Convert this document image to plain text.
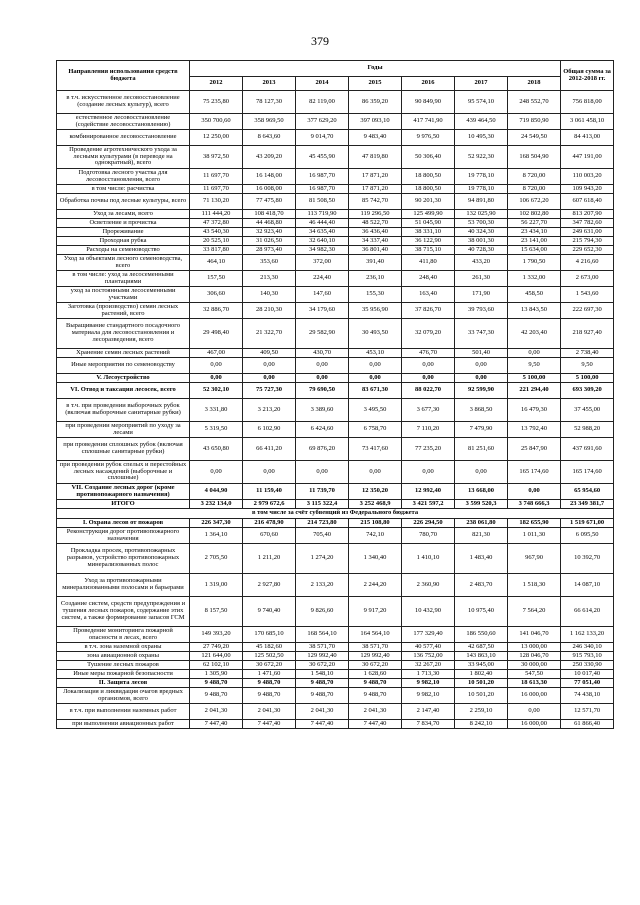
379
Направления использования средств бюджета	Годы							Общая сумма за 2012-2018 гг.
	2012	2013	2014	2015	2016	2017	2018	
в т.ч. искусственное лесовосстановление (создание лесных культур), всего	75 235,80	78 127,30	82 119,00	86 359,20	90 849,90	95 574,10	248 552,70	756 818,00
естественное лесовосстановление (содействие лесовосстановлению)	350 700,60	358 969,50	377 629,20	397 093,10	417 741,90	439 464,50	719 850,90	3 061 458,10
комбинированное лесовосстановление	12 250,00	8 643,60	9 014,70	9 483,40	9 976,50	10 495,30	24 549,50	84 413,00
Проведение агротехнического ухода за лесными культурами (в переводе на однократный), всего	38 972,50	43 209,20	45 455,90	47 819,80	50 306,40	52 922,30	168 504,90	447 191,00
Подготовка лесного участка для лесовосстановления, всего	11 697,70	16 148,00	16 987,70	17 871,20	18 800,50	19 778,10	8 720,00	110 003,20
в том числе: расчистка	11 697,70	16 008,00	16 987,70	17 871,20	18 800,50	19 778,10	8 720,00	109 943,20
Обработка почвы под лесные культуры, всего	71 130,20	77 475,80	81 508,50	85 742,70	90 201,30	94 891,80	106 672,20	607 618,40
Уход за лесами, всего	111 444,20	108 418,70	113 719,90	119 296,50	125 499,90	132 025,90	102 802,80	813 207,90
Осветление и прочистка	47 372,80	44 468,80	46 444,40	48 522,70	51 045,90	53 700,30	56 227,70	347 782,60
Прореживание	43 540,30	32 923,40	34 635,40	36 436,40	38 331,10	40 324,30	23 434,10	249 631,00
Проходная рубка	20 525,10	31 026,50	32 640,10	34 337,40	36 122,90	38 001,30	23 141,00	215 794,30
Расходы на семеноводство	33 817,80	28 973,40	34 982,30	36 801,40	38 715,10	40 728,30	15 634,00	229 652,30
Уход за объектами лесного семеноводства, всего	464,10	353,60	372,00	391,40	411,80	433,20	1 790,50	4 216,60
в том числе: уход за лесосеменными плантациями	157,50	213,30	224,40	236,10	248,40	261,30	1 332,00	2 673,00
уход за постоянными лесосеменными участками	306,60	140,30	147,60	155,30	163,40	171,90	458,50	1 543,60
Заготовка (производство) семян лесных растений, всего	32 886,70	28 210,30	34 179,60	35 956,90	37 826,70	39 793,60	13 843,50	222 697,30
Выращивание стандартного посадочного материала для лесовосстановления и лесоразведения, всего	29 498,40	21 322,70	29 582,90	30 493,50	32 079,20	33 747,30	42 203,40	218 927,40
Хранение семян лесных растений	467,00	409,50	430,70	453,10	476,70	501,40	0,00	2 738,40
Иные мероприятия по семеноводству	0,00	0,00	0,00	0,00	0,00	0,00	9,50	9,50
V. Лесоустройство	0,00	0,00	0,00	0,00	0,00	0,00	5 100,00	5 100,00
VI. Отвод и таксация лесосек, всего	52 302,10	75 727,30	79 690,50	83 671,30	88 022,70	92 599,90	221 294,40	693 309,20
в т.ч. при проведении выборочных рубок (включая выборочные санитарные рубки)	3 331,80	3 213,20	3 389,60	3 495,50	3 677,30	3 868,50	16 479,30	37 455,00
при проведении мероприятий по уходу за лесами	5 319,50	6 102,90	6 424,60	6 758,70	7 110,20	7 479,90	13 792,40	52 988,20
при проведении сплошных рубок (включая сплошные санитарные рубки)	43 650,80	66 411,20	69 876,20	73 417,60	77 235,20	81 251,60	25 847,90	437 691,60
при проведении рубок спелых и перестойных лесных насаждений (выборочные и сплошные)	0,00	0,00	0,00	0,00	0,00	0,00	165 174,60	165 174,60
VII. Создание лесных дорог (кроме противопожарного назначения)	4 044,90	11 159,40	11 739,70	12 350,20	12 992,40	13 668,00	0,00	65 954,60
ИТОГО	3 232 134,0	2 979 672,6	3 115 322,4	3 252 468,9	3 421 597,2	3 599 520,3	3 748 666,3	23 349 381,7
в том числе за счёт субвенций из Федерального бюджета								
I. Охрана лесов от пожаров	226 347,30	216 478,90	214 723,80	215 108,80	226 294,50	238 061,80	182 655,90	1 519 671,00
Реконструкция дорог противопожарного назначения	1 364,10	670,60	705,40	742,10	780,70	821,30	1 011,30	6 095,50
Прокладка просек, противопожарных разрывов, устройство противопожарных минерализованных полос	2 705,50	1 211,20	1 274,20	1 340,40	1 410,10	1 483,40	967,90	10 392,70
Уход за противопожарными минерализованными полосами и барьерами	1 319,00	2 927,80	2 133,20	2 244,20	2 360,90	2 483,70	1 518,30	14 087,10
Создание систем, средств предупреждения и тушения лесных пожаров, содержание этих систем, а также формирование запасов ГСМ	8 157,50	9 740,40	9 826,60	9 917,20	10 432,90	10 975,40	7 564,20	66 614,20
Проведение мониторинга пожарной опасности в лесах, всего	149 393,20	170 685,10	168 564,10	164 564,10	177 329,40	186 550,60	141 046,70	1 162 133,20
в т.ч. зона наземной охраны	27 749,20	45 182,60	38 571,70	38 571,70	40 577,40	42 687,50	13 000,00	246 340,10
зона авиационной охраны	121 644,00	125 502,50	129 992,40	129 992,40	136 752,00	143 863,10	128 046,70	915 793,10
Тушение лесных пожаров	62 102,10	30 672,20	30 672,20	30 672,20	32 267,20	33 945,00	30 000,00	250 330,90
Иные меры пожарной безопасности	1 305,90	1 471,60	1 548,10	1 628,60	1 713,30	1 802,40	547,50	10 017,40
II. Защита лесов	9 488,70	9 488,70	9 488,70	9 488,70	9 982,10	10 501,20	18 613,30	77 051,40
Локализация и ликвидация очагов вредных организмов, всего	9 488,70	9 488,70	9 488,70	9 488,70	9 982,10	10 501,20	16 000,00	74 438,10
в т.ч. при выполнении наземных работ	2 041,30	2 041,30	2 041,30	2 041,30	2 147,40	2 259,10	0,00	12 571,70
при выполнении авиационных работ	7 447,40	7 447,40	7 447,40	7 447,40	7 834,70	8 242,10	16 000,00	61 866,40
